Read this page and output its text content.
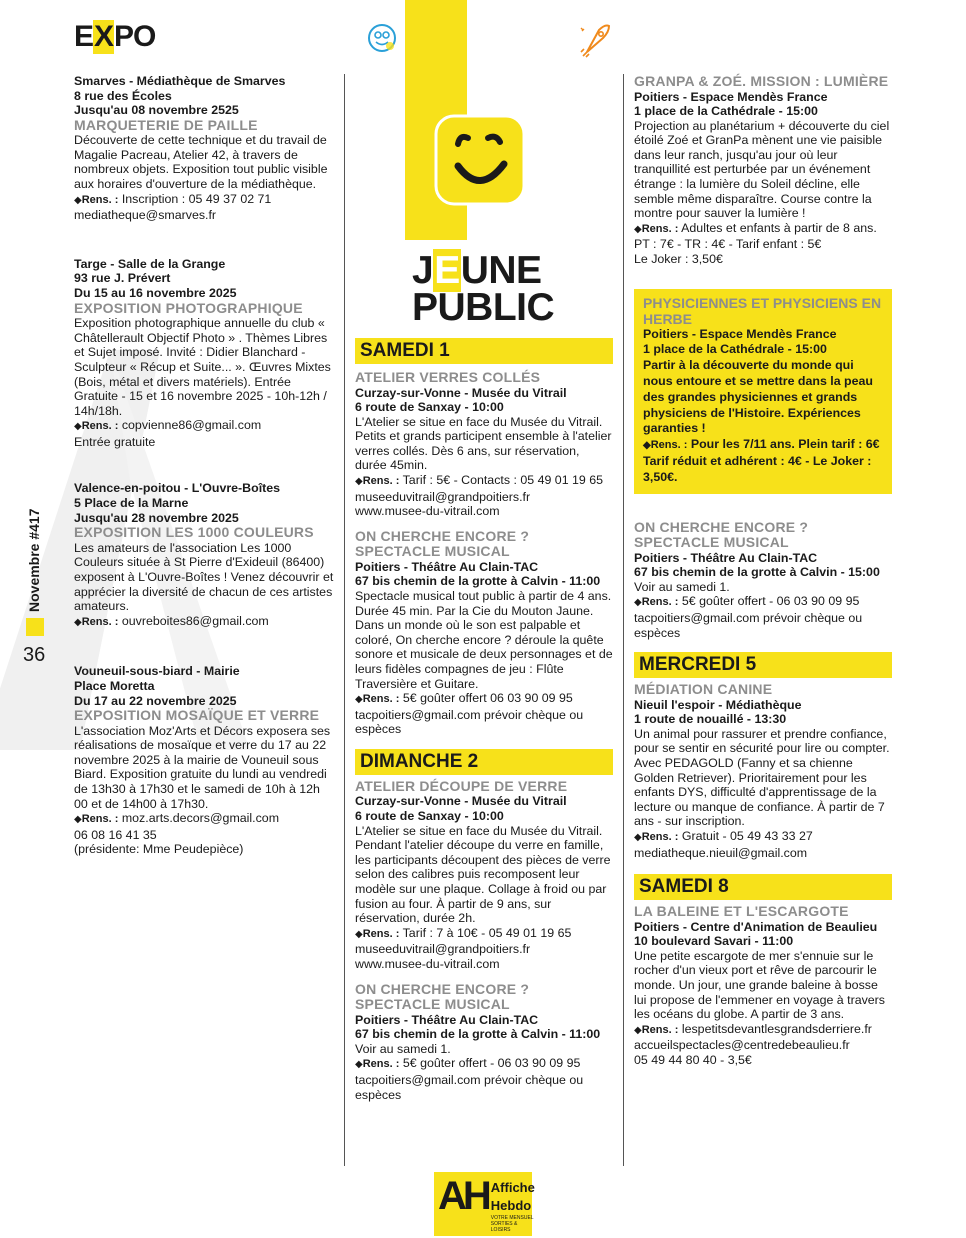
E X PO
JEUNE
PUBLIC
Novembre #417
36
Smarves - Médiathèque de Smarves
8 rue des Écoles
Jusqu'au 08 novembre 2525
MARQUETERIE DE PAILLE
Découverte de cette technique et du travail de Magalie Pacreau, Atelier 42, à travers de nombreux objets. Exposition tout public visible aux horaires d'ouverture de la médiathèque.
◆Rens. : Inscription : 05 49 37 02 71
mediatheque@smarves.fr
Targe - Salle de la Grange
93 rue J. Prévert
Du 15 au 16 novembre 2025
EXPOSITION PHOTOGRAPHIQUE
Exposition photographique annuelle du club « Châtellerault Objectif Photo » . Thèmes Libres et Sujet imposé. Invité : Didier Blanchard - Sculpteur « Récup et Suite... ». Œuvres Mixtes (Bois, métal et divers matériels). Entrée Gratuite - 15 et 16 novembre 2025 - 10h-12h / 14h/18h.
◆Rens. : copvienne86@gmail.com
Entrée gratuite
Valence-en-poitou - L'Ouvre-Boîtes
5 Place de la Marne
Jusqu'au 28 novembre 2025
EXPOSITION LES 1000 COULEURS
Les amateurs de l'association Les 1000 Couleurs située à St Pierre d'Exideuil (86400) exposent à L'Ouvre-Boîtes ! Venez découvrir et apprécier la diversité de chacun de ces artistes amateurs.
◆Rens. : ouvreboites86@gmail.com
Vouneuil-sous-biard - Mairie
Place Moretta
Du 17 au 22 novembre 2025
EXPOSITION MOSAÏQUE ET VERRE
L'association Moz'Arts et Décors exposera ses réalisations de mosaïque et verre du 17 au 22 novembre 2025 à la mairie de Vouneuil sous Biard. Exposition gratuite du lundi au vendredi de 13h30 à 17h30 et le samedi de 10h à 12h 00 et de 14h00 à 17h30.
◆Rens. : moz.arts.decors@gmail.com
06 08 16 41 35
(présidente: Mme Peudepièce)
SAMEDI 1
ATELIER VERRES COLLÉS
Curzay-sur-Vonne - Musée du Vitrail
6 route de Sanxay - 10:00
L'Atelier se situe en face du Musée du Vitrail. Petits et grands participent ensemble à l'atelier verres collés. Dès 6 ans, sur réservation, durée 45min.
◆Rens. : Tarif : 5€ - Contacts : 05 49 01 19 65
museeduvitrail@grandpoitiers.fr
www.musee-du-vitrail.com
ON CHERCHE ENCORE ? SPECTACLE MUSICAL
Poitiers - Théâtre Au Clain-TAC
67 bis chemin de la grotte à Calvin - 11:00
Spectacle musical tout public à partir de 4 ans. Durée 45 min. Par la Cie du Mouton Jaune. Dans un monde où le son est palpable et coloré, On cherche encore ? déroule la quête sonore et musicale de deux personnages et de leurs fidèles compagnes de jeu : Flûte Traversière et Guitare.
◆Rens. : 5€ goûter offert 06 03 90 09 95
tacpoitiers@gmail.com prévoir chèque ou espèces
DIMANCHE 2
ATELIER DÉCOUPE DE VERRE
Curzay-sur-Vonne - Musée du Vitrail
6 route de Sanxay - 10:00
L'Atelier se situe en face du Musée du Vitrail. Pendant l'atelier découpe du verre en famille, les participants découpent des pièces de verre selon des calibres puis recomposent leur modèle sur une plaque. Collage à froid ou par fusion au four. À partir de 9 ans, sur réservation, durée 2h.
◆Rens. : Tarif : 7 à 10€ - 05 49 01 19 65
museeduvitrail@grandpoitiers.fr
www.musee-du-vitrail.com
ON CHERCHE ENCORE ? SPECTACLE MUSICAL
Poitiers - Théâtre Au Clain-TAC
67 bis chemin de la grotte à Calvin - 11:00
Voir au samedi 1.
◆Rens. : 5€ goûter offert - 06 03 90 09 95
tacpoitiers@gmail.com prévoir chèque ou espèces
GRANPA & ZOÉ. MISSION : LUMIÈRE
Poitiers - Espace Mendès France
1 place de la Cathédrale - 15:00
Projection au planétarium + découverte du ciel étoilé Zoé et GranPa mènent une vie paisible dans leur ranch, jusqu'au jour où leur tranquillité est perturbée par un événement étrange : la lumière du Soleil décline, elle semble même disparaître. Course contre la montre pour sauver la lumière !
◆Rens. : Adultes et enfants à partir de 8 ans.
PT : 7€ - TR : 4€ - Tarif enfant : 5€
Le Joker : 3,50€
PHYSICIENNES ET PHYSICIENS EN HERBE
Poitiers - Espace Mendès France
1 place de la Cathédrale - 15:00
Partir à la découverte du monde qui nous entoure et se mettre dans la peau des grandes physiciennes et grands physiciens de l'Histoire. Expériences garanties !
◆Rens. : Pour les 7/11 ans. Plein tarif : 6€
Tarif réduit et adhérent : 4€ - Le Joker : 3,50€.
ON CHERCHE ENCORE ? SPECTACLE MUSICAL
Poitiers - Théâtre Au Clain-TAC
67 bis chemin de la grotte à Calvin - 15:00
Voir au samedi 1.
◆Rens. : 5€ goûter offert - 06 03 90 09 95
tacpoitiers@gmail.com prévoir chèque ou espèces
MERCREDI 5
MÉDIATION CANINE
Nieuil l'espoir - Médiathèque
1 route de nouaillé - 13:30
Un animal pour rassurer et prendre confiance, pour se sentir en sécurité pour lire ou compter. Avec PEDAGOLD (Fanny et sa chienne Golden Retriever). Prioritairement pour les enfants DYS, difficulté d'apprentissage de la lecture ou manque de confiance. À partir de 7 ans - sur inscription.
◆Rens. : Gratuit - 05 49 43 33 27
mediatheque.nieuil@gmail.com
SAMEDI 8
LA BALEINE ET L'ESCARGOTE
Poitiers - Centre d'Animation de Beaulieu
10 boulevard Savari - 11:00
Une petite escargote de mer s'ennuie sur le rocher d'un vieux port et rêve de parcourir le monde. Un jour, une grande baleine à bosse lui propose de l'emmener en voyage à travers les océans du globe. A partir de 3 ans.
◆Rens. : lespetitsdevantlesgrandsderriere.fr
accueilspectacles@centredebeaulieu.fr
05 49 44 80 40 - 3,5€
AH Affiche
Hebdo
VOTRE MENSUEL SORTIES & LOISIRS
